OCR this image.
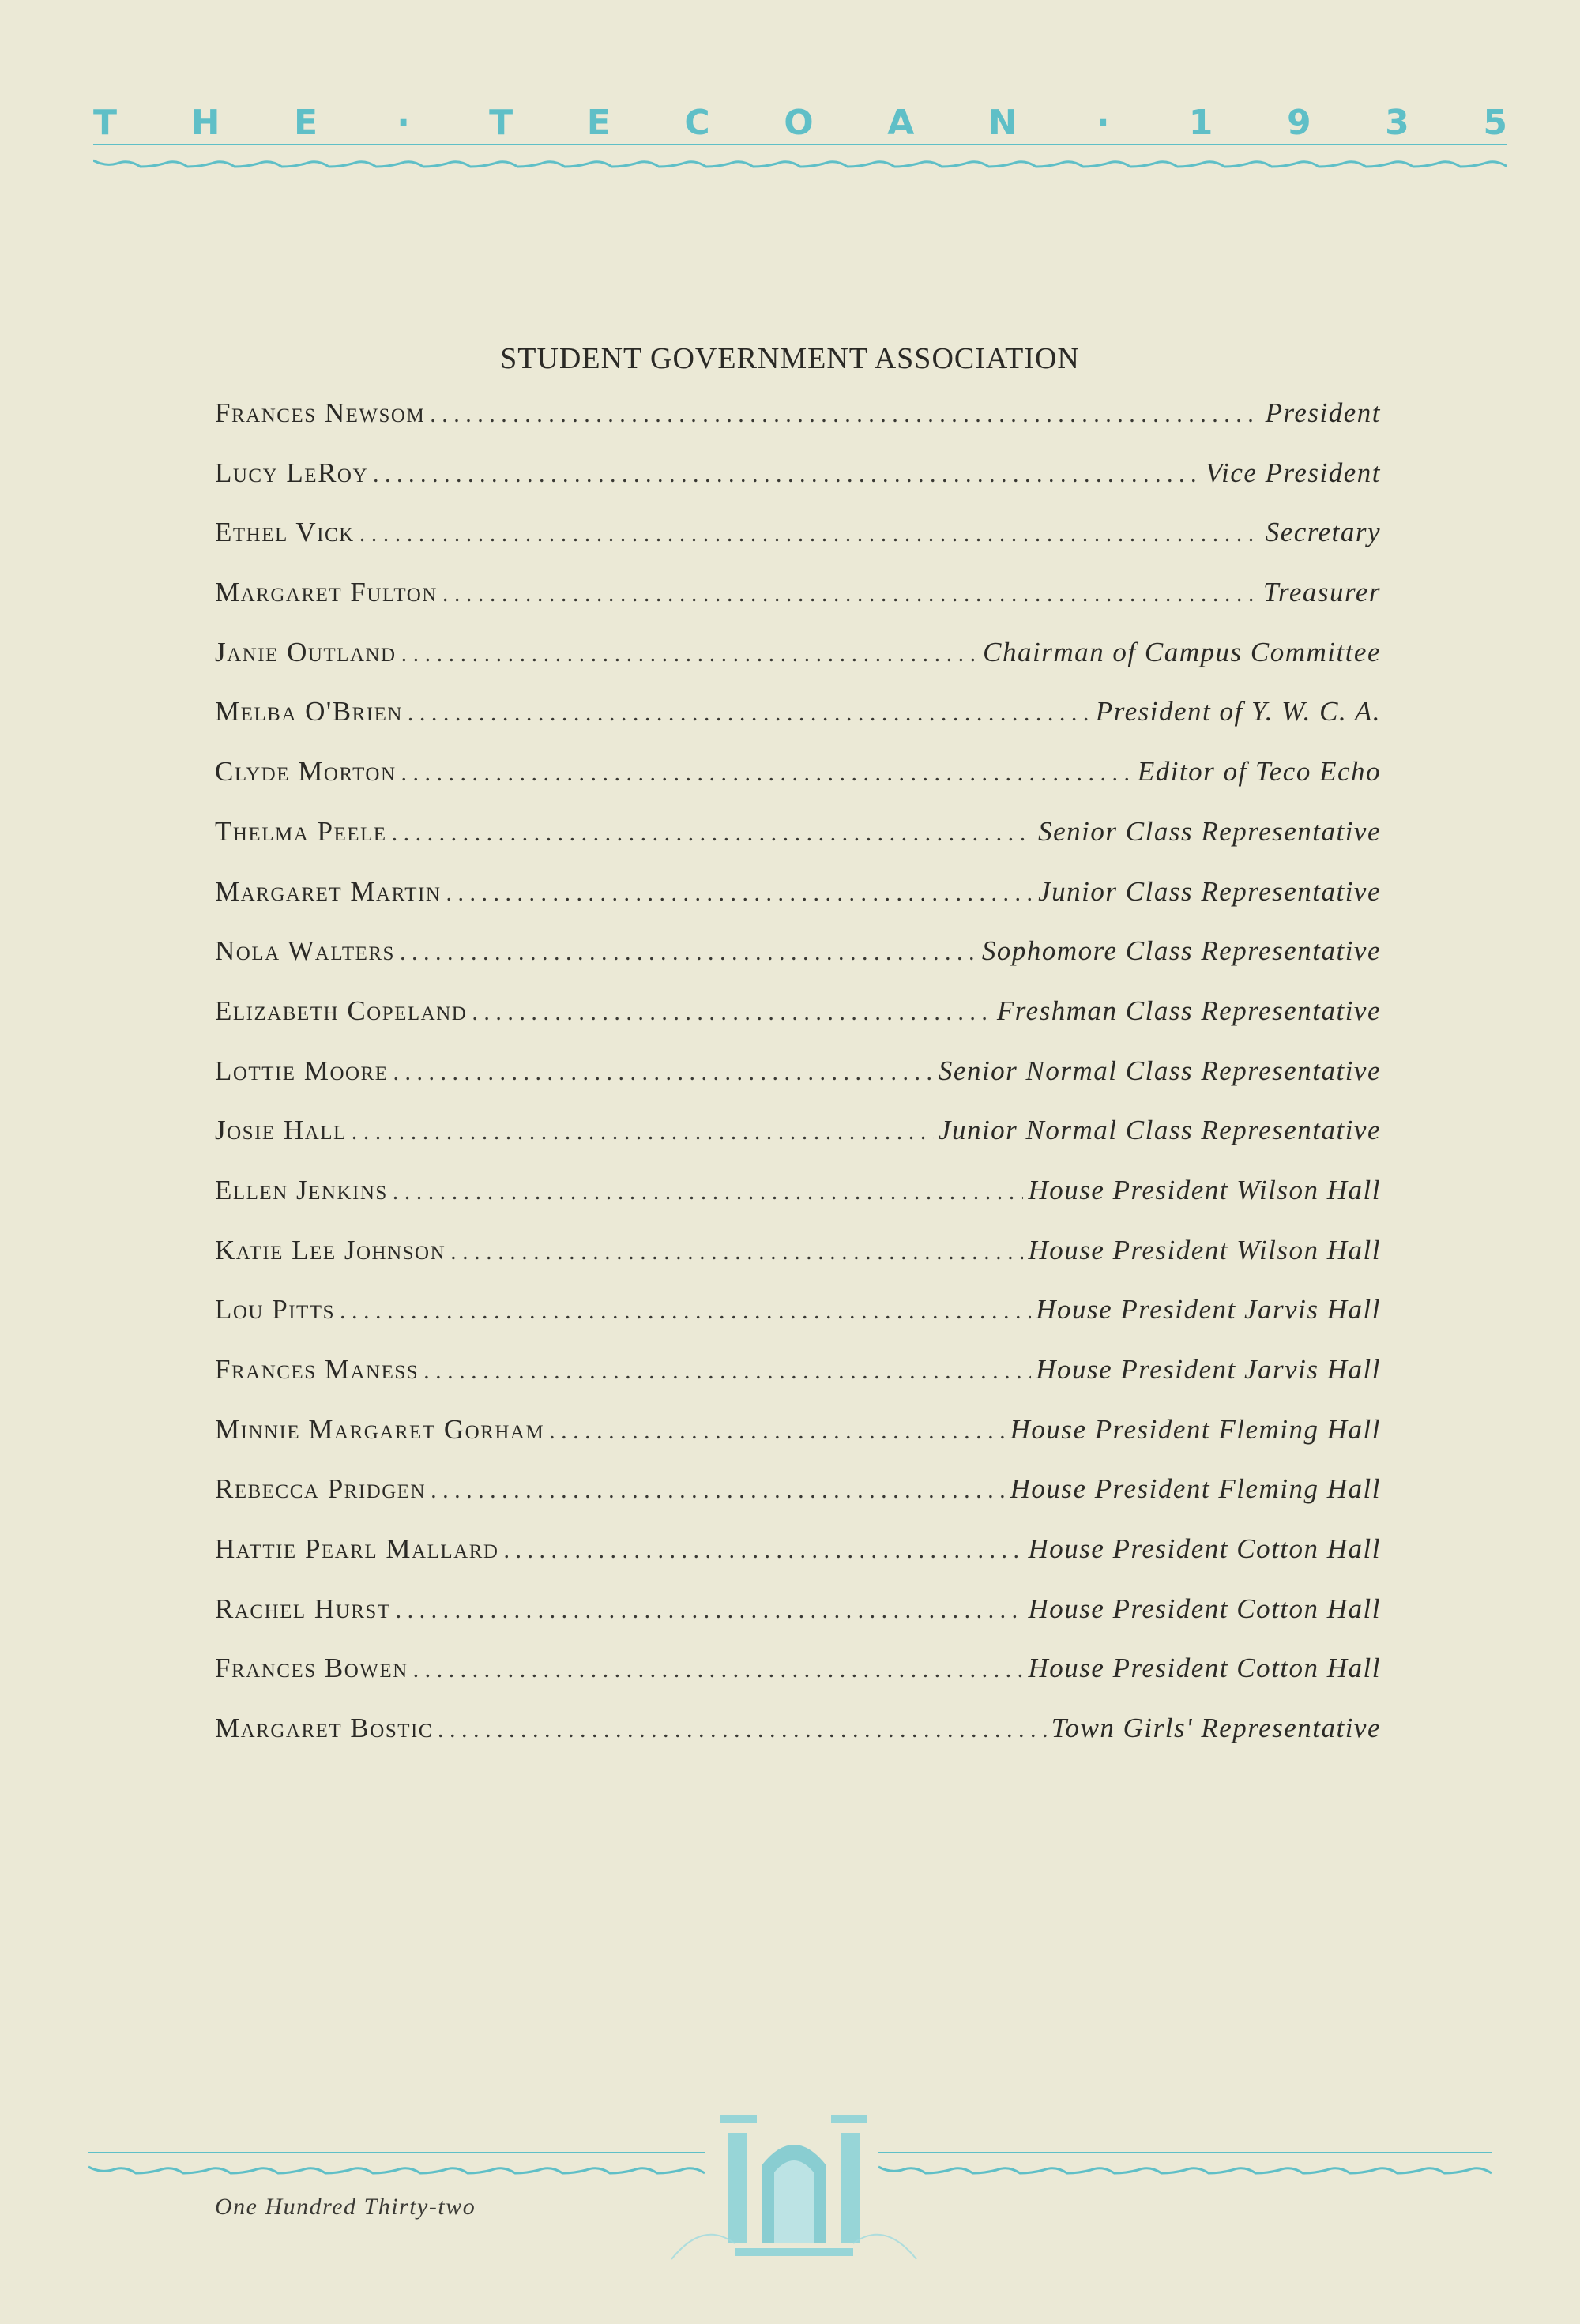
T H E · T E C O A N · 1 9 3 5
STUDENT GOVERNMENT ASSOCIATION
Frances Newsom . . .	President
Lucy LeRoy . . .	Vice President
Ethel Vick . . .	Secretary
Margaret Fulton . . .	Treasurer
Janie Outland . . .	Chairman of Campus Committee
Melba O'Brien . . .	President of Y. W. C. A.
Clyde Morton . . .	Editor of Teco Echo
Thelma Peele . . .	Senior Class Representative
Margaret Martin . . .	Junior Class Representative
Nola Walters . . .	Sophomore Class Representative
Elizabeth Copeland . . .	Freshman Class Representative
Lottie Moore . . .	Senior Normal Class Representative
Josie Hall . . .	Junior Normal Class Representative
Ellen Jenkins . . .	House President Wilson Hall
Katie Lee Johnson . . .	House President Wilson Hall
Lou Pitts . . .	House President Jarvis Hall
Frances Maness . . .	House President Jarvis Hall
Minnie Margaret Gorham . . .	House President Fleming Hall
Rebecca Pridgen . . .	House President Fleming Hall
Hattie Pearl Mallard . . .	House President Cotton Hall
Rachel Hurst . . .	House President Cotton Hall
Frances Bowen . . .	House President Cotton Hall
Margaret Bostic . . .	Town Girls' Representative
One Hundred Thirty-two
